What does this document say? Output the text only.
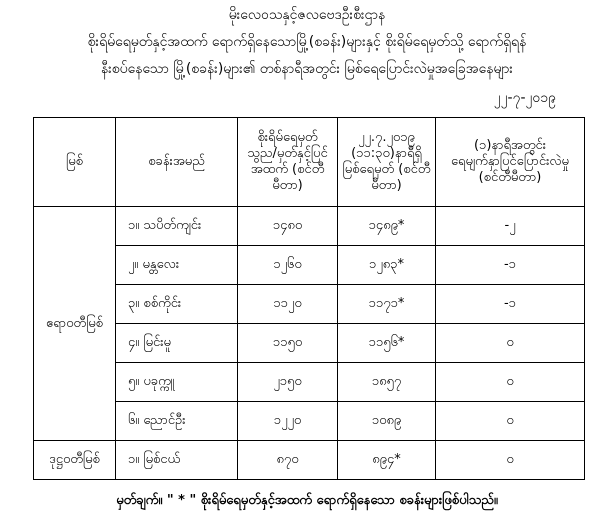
မိုးလေဝသနှင့်ဇလဗေဒဦးစီးဌာန
စိုးရိမ်ရေမှတ်နှင့်အထက် ရောက်ရှိနေသောမြို့(စခန်း)များနှင့် စိုးရိမ်ရေမှတ်သို့ ရောက်ရှိရန်
နီးစပ်နေသော မြို့(စခန်း)များ၏ တစ်နာရီအတွင်း မြစ်ရေပြောင်းလဲမှုအခြေအနေများ
၂၂-၇-၂၀၁၉
မြစ်	စခန်းအမည်	စိုးရိမ်ရေမှတ် သွည/မှတ်နှင့်ပြင် အထက် (စင်တီမီတာ)	၂၂.၇.၂၀၁၉ (၁၁:၃၀)နာရီရှိ မြစ်ရေမှတ် (စင်တီမီတာ)	(၁)နာရီအတွင်း ရေမျက်နှာပြင်ပြောင်းလဲမှု (စင်တီမီတာ)
ဧရာဝတီမြစ်	၁။ သပိတ်ကျင်း	၁၄၈၀	၁၄၈၉*	-၂
	၂။ မန္တလေး	၁၂၆၀	၁၂၈၃*	-၁
	၃။ စစ်ကိုင်း	၁၁၂၀	၁၁၇၁*	-၁
	၄။ မြင်းမူ	၁၁၅၀	၁၁၅၆*	၀
	၅။ ပခုက္ကူ	၂၁၅၀	၁၈၅၇	၀
	၆။ ညောင်ဦး	၁၂၂၀	၁၀၈၉	၀
ဒုဋ္ဌဝတီမြစ်	၁။ မြစ်ငယ်	၈၇၀	၈၉၄*	၀
မှတ်ချက်။ " * " စိုးရိမ်ရေမှတ်နှင့်အထက် ရောက်ရှိနေသော စခန်းများဖြစ်ပါသည်။
